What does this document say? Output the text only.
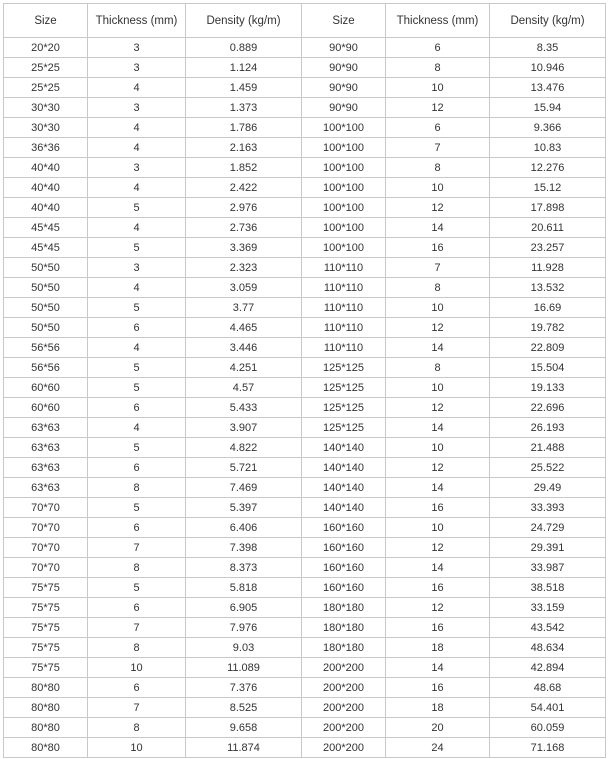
Size	Thickness (mm)	Density (kg/m)	Size	Thickness (mm)	Density (kg/m)
20*20	3	0.889	90*90	6	8.35
25*25	3	1.124	90*90	8	10.946
25*25	4	1.459	90*90	10	13.476
30*30	3	1.373	90*90	12	15.94
30*30	4	1.786	100*100	6	9.366
36*36	4	2.163	100*100	7	10.83
40*40	3	1.852	100*100	8	12.276
40*40	4	2.422	100*100	10	15.12
40*40	5	2.976	100*100	12	17.898
45*45	4	2.736	100*100	14	20.611
45*45	5	3.369	100*100	16	23.257
50*50	3	2.323	110*110	7	11.928
50*50	4	3.059	110*110	8	13.532
50*50	5	3.77	110*110	10	16.69
50*50	6	4.465	110*110	12	19.782
56*56	4	3.446	110*110	14	22.809
56*56	5	4.251	125*125	8	15.504
60*60	5	4.57	125*125	10	19.133
60*60	6	5.433	125*125	12	22.696
63*63	4	3.907	125*125	14	26.193
63*63	5	4.822	140*140	10	21.488
63*63	6	5.721	140*140	12	25.522
63*63	8	7.469	140*140	14	29.49
70*70	5	5.397	140*140	16	33.393
70*70	6	6.406	160*160	10	24.729
70*70	7	7.398	160*160	12	29.391
70*70	8	8.373	160*160	14	33.987
75*75	5	5.818	160*160	16	38.518
75*75	6	6.905	180*180	12	33.159
75*75	7	7.976	180*180	16	43.542
75*75	8	9.03	180*180	18	48.634
75*75	10	11.089	200*200	14	42.894
80*80	6	7.376	200*200	16	48.68
80*80	7	8.525	200*200	18	54.401
80*80	8	9.658	200*200	20	60.059
80*80	10	11.874	200*200	24	71.168
